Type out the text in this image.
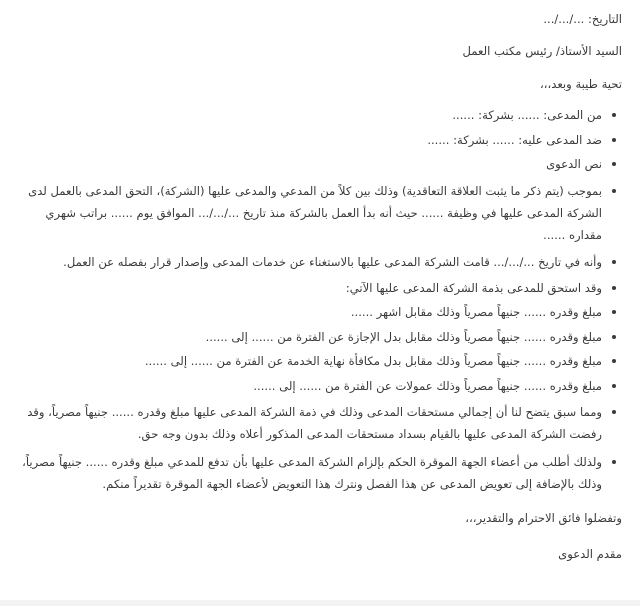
التاريخ: .../.../...

السيد الأستاذ/ رئيس مكتب العمل

تحية طيبة وبعد،،،

من المدعى: ...... بشركة: ......
ضد المدعى عليه: ...... بشركة: ......
نص الدعوى
بموجب (يتم ذكر ما يثبت العلاقة التعاقدية) وذلك بين كلاً من المدعي والمدعى عليها (الشركة)، التحق المدعى بالعمل لدى الشركة المدعى عليها في وظيفة ...... حيث أنه بدأ العمل بالشركة منذ تاريخ .../.../... الموافق يوم ...... براتب شهري مقداره ......
وأنه في تاريخ .../.../... قامت الشركة المدعى عليها بالاستغناء عن خدمات المدعى وإصدار قرار بفصله عن العمل.
وقد استحق للمدعى بذمة الشركة المدعى عليها الآتي:
مبلغ وقدره ...... جنيهاً مصرياً وذلك مقابل اشهر ......
مبلغ وقدره ...... جنيهاً مصرياً وذلك مقابل بدل الإجازة عن الفترة من ...... إلى ......
مبلغ وقدره ...... جنيهاً مصرياً وذلك مقابل بدل مكافأة نهاية الخدمة عن الفترة من ...... إلى ......
مبلغ وقدره ...... جنيهاً مصرياً وذلك عمولات عن الفترة من ...... إلى ......
ومما سبق يتضح لنا أن إجمالي مستحقات المدعى وذلك في ذمة الشركة المدعى عليها مبلغ وقدره ...... جنيهاً مصرياً، وقد رفضت الشركة المدعى عليها بالقيام بسداد مستحقات المدعى المذكور أعلاه وذلك بدون وجه حق.
ولذلك أطلب من أعضاء الجهة الموقرة الحكم بإلزام الشركة المدعى عليها بأن تدفع للمدعي مبلغ وقدره ...... جنيهاً مصرياً، وذلك بالإضافة إلى تعويض المدعى عن هذا الفصل ونترك هذا التعويض لأعضاء الجهة الموقرة تقديراً منكم.

وتفضلوا فائق الاحترام والتقدير،،،

مقدم الدعوى
